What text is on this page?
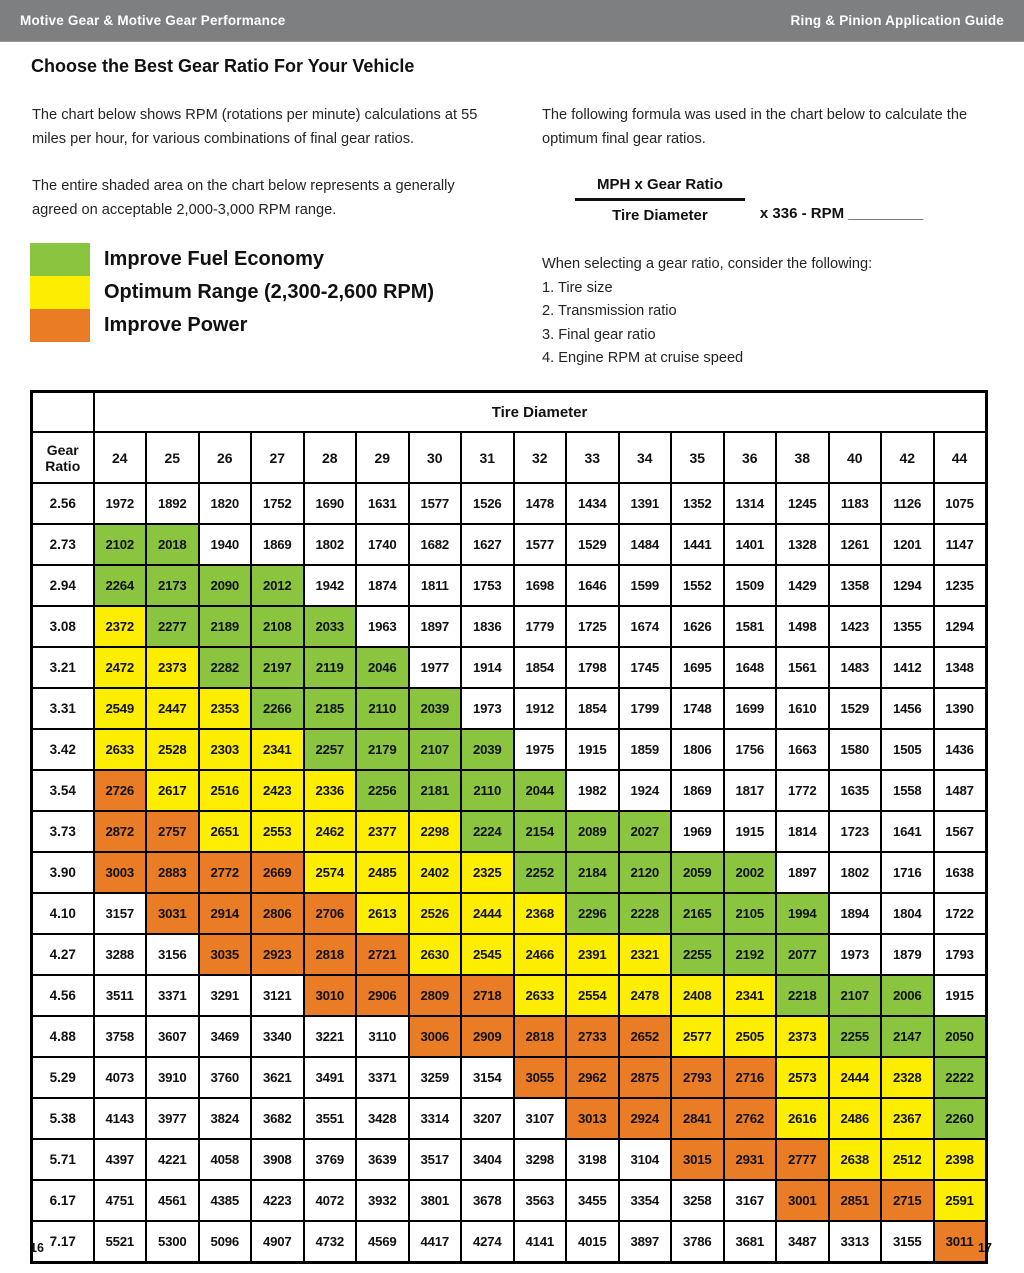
Motive Gear & Motive Gear Performance	Ring & Pinion Application Guide
Choose the Best Gear Ratio For Your Vehicle
The chart below shows RPM (rotations per minute) calculations at 55 miles per hour, for various combinations of final gear ratios.
The entire shaded area on the chart below represents a generally agreed on acceptable 2,000-3,000 RPM range.
Improve Fuel Economy
Optimum Range (2,300-2,600 RPM)
Improve Power
The following formula was used in the chart below to calculate the optimum final gear ratios.
$\frac{\text{MPH x Gear Ratio}}{\text{Tire Diameter}}$ x 336 - RPM _________
When selecting a gear ratio, consider the following:
1. Tire size
2. Transmission ratio
3. Final gear ratio
4. Engine RPM at cruise speed
	Tire Diameter																
Gear Ratio	24	25	26	27	28	29	30	31	32	33	34	35	36	38	40	42	44
2.56	1972	1892	1820	1752	1690	1631	1577	1526	1478	1434	1391	1352	1314	1245	1183	1126	1075
2.73	2102	2018	1940	1869	1802	1740	1682	1627	1577	1529	1484	1441	1401	1328	1261	1201	1147
2.94	2264	2173	2090	2012	1942	1874	1811	1753	1698	1646	1599	1552	1509	1429	1358	1294	1235
3.08	2372	2277	2189	2108	2033	1963	1897	1836	1779	1725	1674	1626	1581	1498	1423	1355	1294
3.21	2472	2373	2282	2197	2119	2046	1977	1914	1854	1798	1745	1695	1648	1561	1483	1412	1348
3.31	2549	2447	2353	2266	2185	2110	2039	1973	1912	1854	1799	1748	1699	1610	1529	1456	1390
3.42	2633	2528	2303	2341	2257	2179	2107	2039	1975	1915	1859	1806	1756	1663	1580	1505	1436
3.54	2726	2617	2516	2423	2336	2256	2181	2110	2044	1982	1924	1869	1817	1772	1635	1558	1487
3.73	2872	2757	2651	2553	2462	2377	2298	2224	2154	2089	2027	1969	1915	1814	1723	1641	1567
3.90	3003	2883	2772	2669	2574	2485	2402	2325	2252	2184	2120	2059	2002	1897	1802	1716	1638
4.10	3157	3031	2914	2806	2706	2613	2526	2444	2368	2296	2228	2165	2105	1994	1894	1804	1722
4.27	3288	3156	3035	2923	2818	2721	2630	2545	2466	2391	2321	2255	2192	2077	1973	1879	1793
4.56	3511	3371	3291	3121	3010	2906	2809	2718	2633	2554	2478	2408	2341	2218	2107	2006	1915
4.88	3758	3607	3469	3340	3221	3110	3006	2909	2818	2733	2652	2577	2505	2373	2255	2147	2050
5.29	4073	3910	3760	3621	3491	3371	3259	3154	3055	2962	2875	2793	2716	2573	2444	2328	2222
5.38	4143	3977	3824	3682	3551	3428	3314	3207	3107	3013	2924	2841	2762	2616	2486	2367	2260
5.71	4397	4221	4058	3908	3769	3639	3517	3404	3298	3198	3104	3015	2931	2777	2638	2512	2398
6.17	4751	4561	4385	4223	4072	3932	3801	3678	3563	3455	3354	3258	3167	3001	2851	2715	2591
7.17	5521	5300	5096	4907	4732	4569	4417	4274	4141	4015	3897	3786	3681	3487	3313	3155	3011
16	17
